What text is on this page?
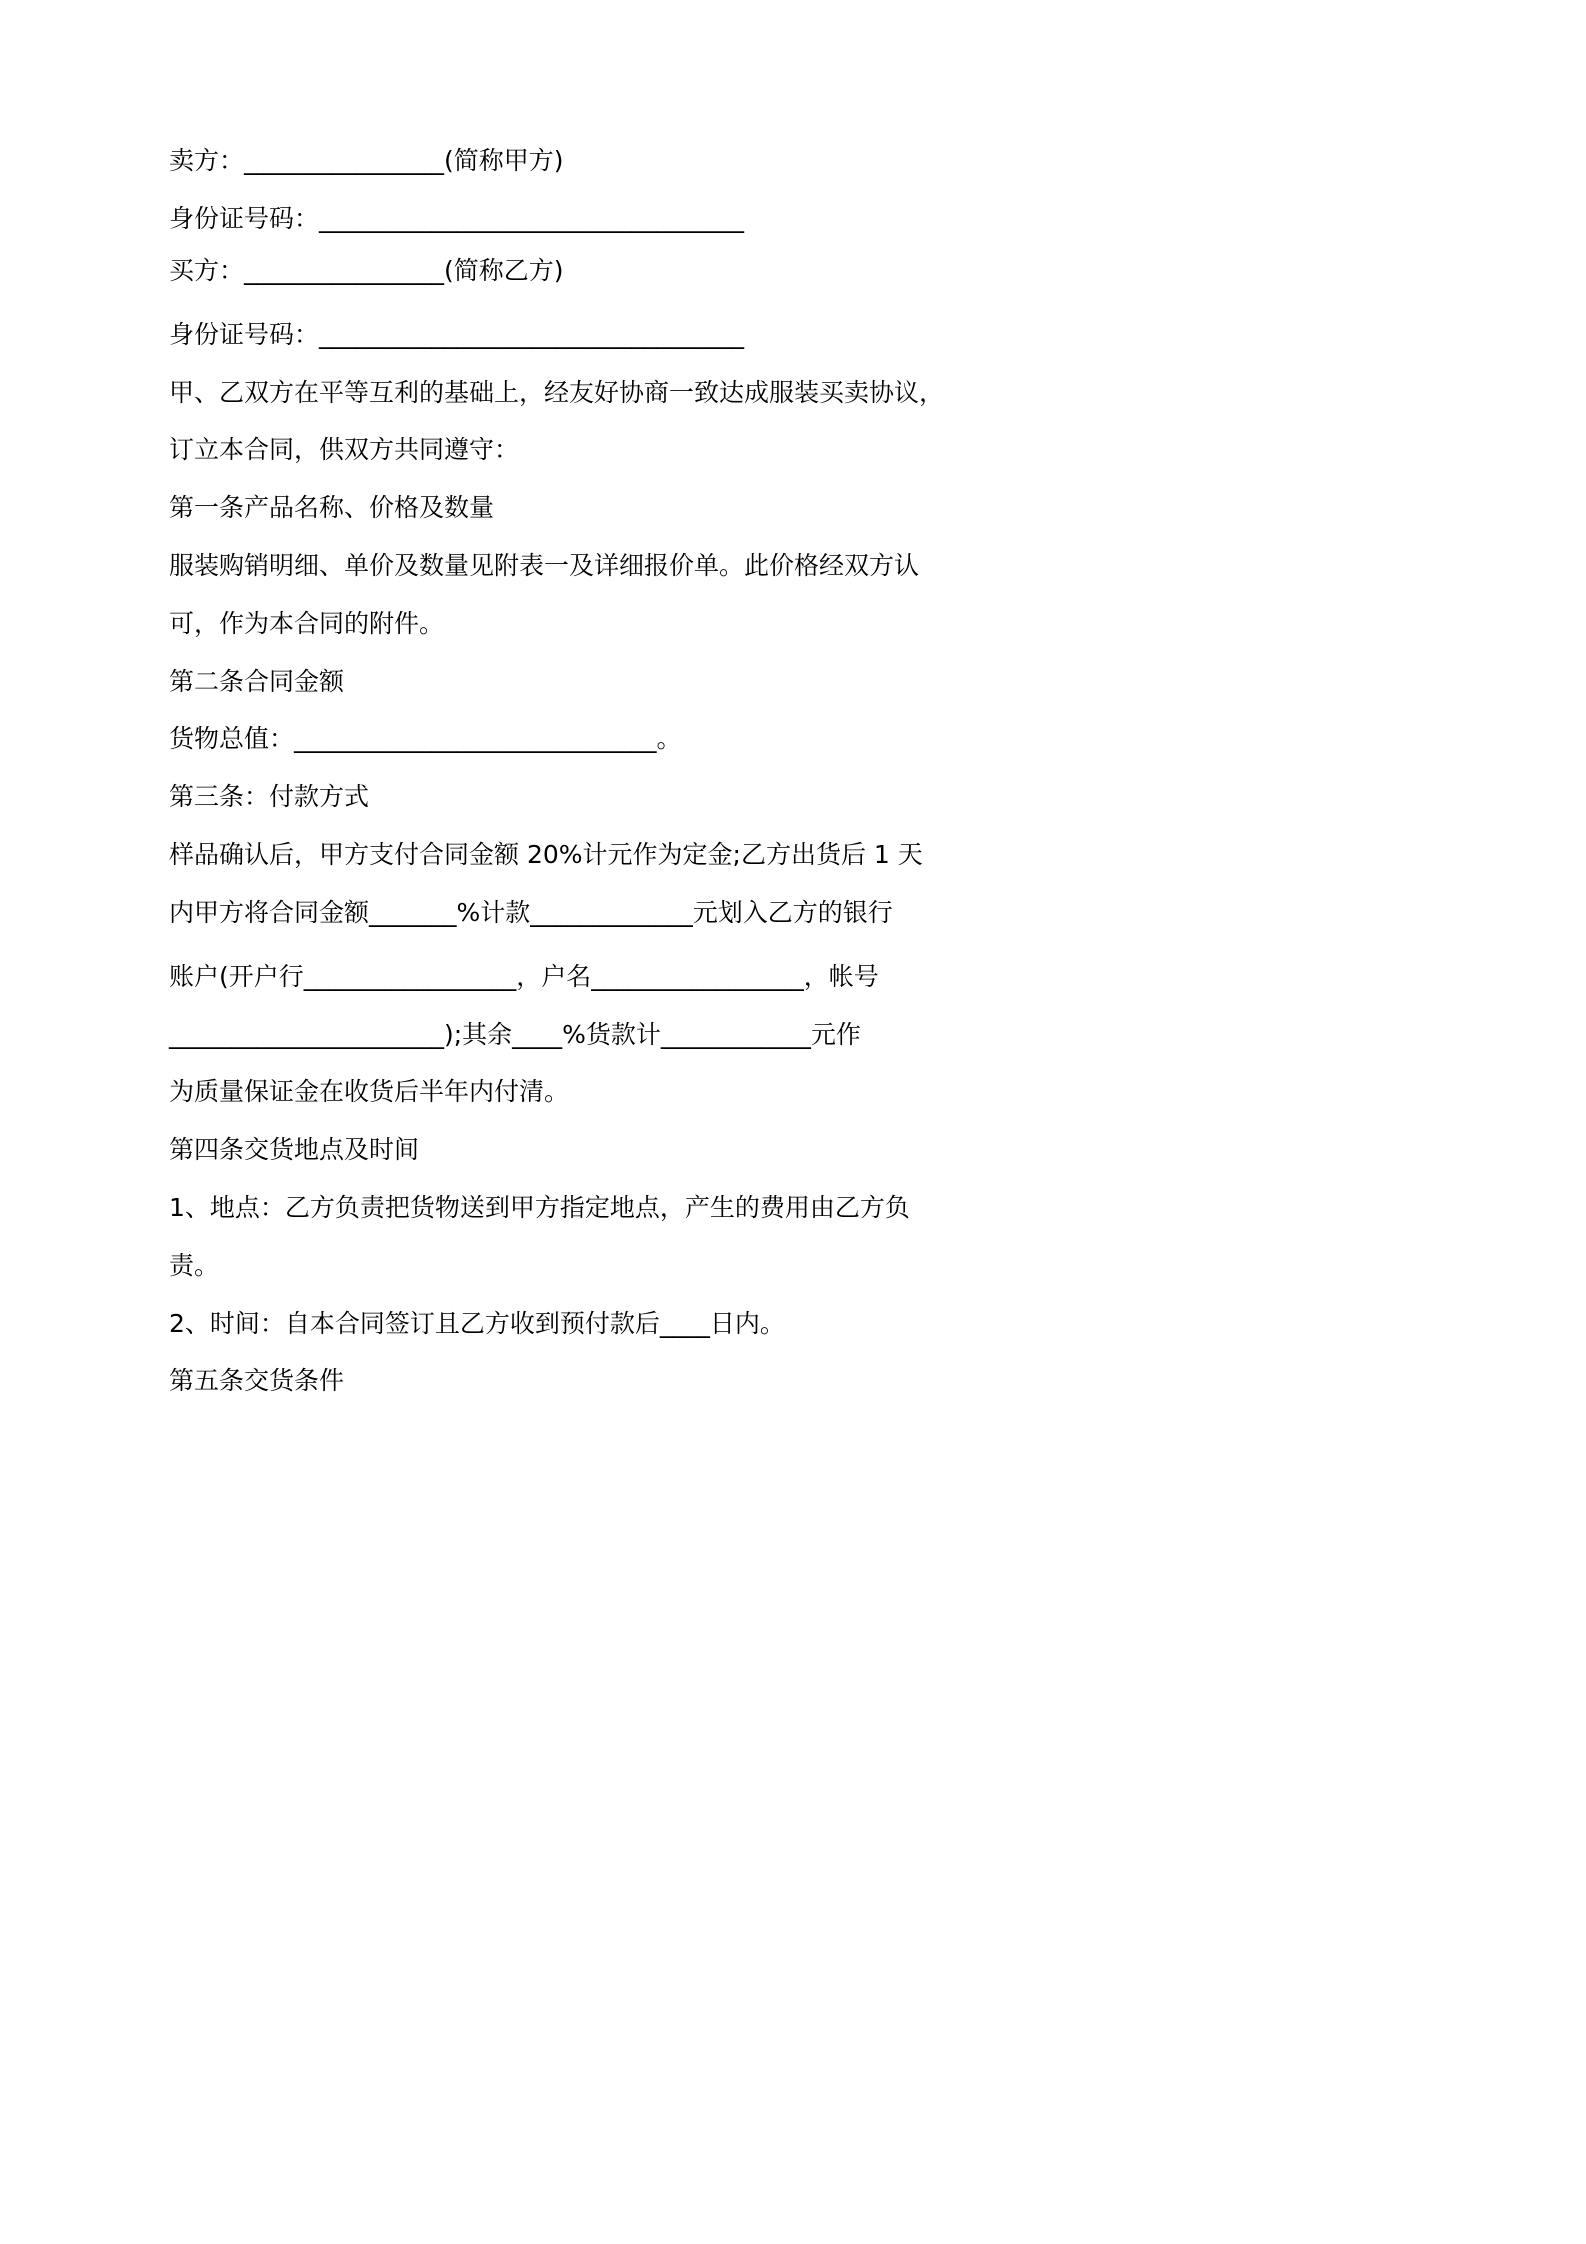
卖方：________________(简称甲方)

身份证号码：__________________________________

买方：________________(简称乙方)

身份证号码：__________________________________

甲、乙双方在平等互利的基础上，经友好协商一致达成服装买卖协议，

订立本合同，供双方共同遵守：

第一条产品名称、价格及数量

服装购销明细、单价及数量见附表一及详细报价单。此价格经双方认

可，作为本合同的附件。

第二条合同金额

货物总值：_____________________________。

第三条：付款方式

样品确认后，甲方支付合同金额 20%计元作为定金;乙方出货后 1 天

内甲方将合同金额_______%计款_____________元划入乙方的银行

账户(开户行_________________，户名_________________，帐号

______________________);其余____%货款计____________元作

为质量保证金在收货后半年内付清。

第四条交货地点及时间

1、地点：乙方负责把货物送到甲方指定地点，产生的费用由乙方负

责。

2、时间：自本合同签订且乙方收到预付款后____日内。

第五条交货条件
